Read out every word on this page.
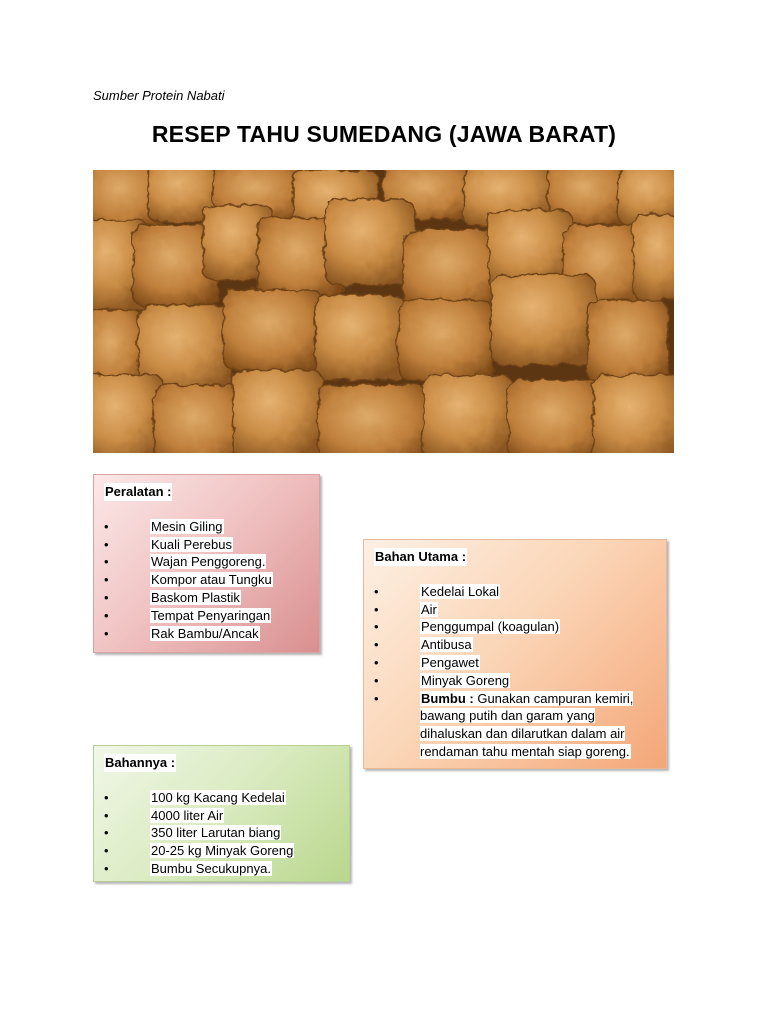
Sumber Protein Nabati
RESEP TAHU SUMEDANG (JAWA BARAT)
Peralatan :
•	Mesin Giling
•	Kuali Perebus
•	Wajan Penggoreng.
•	Kompor atau Tungku
•	Baskom Plastik
•	Tempat Penyaringan
•	Rak Bambu/Ancak
Bahan Utama :
•	Kedelai Lokal
•	Air
•	Penggumpal (koagulan)
•	Antibusa
•	Pengawet
•	Minyak Goreng
•	Bumbu : Gunakan campuran kemiri, bawang putih dan garam yang dihaluskan dan dilarutkan dalam air rendaman tahu mentah siap goreng.
Bahannya :
•	100 kg Kacang Kedelai
•	4000 liter Air
•	350 liter Larutan biang
•	20-25 kg Minyak Goreng
•	Bumbu Secukupnya.
